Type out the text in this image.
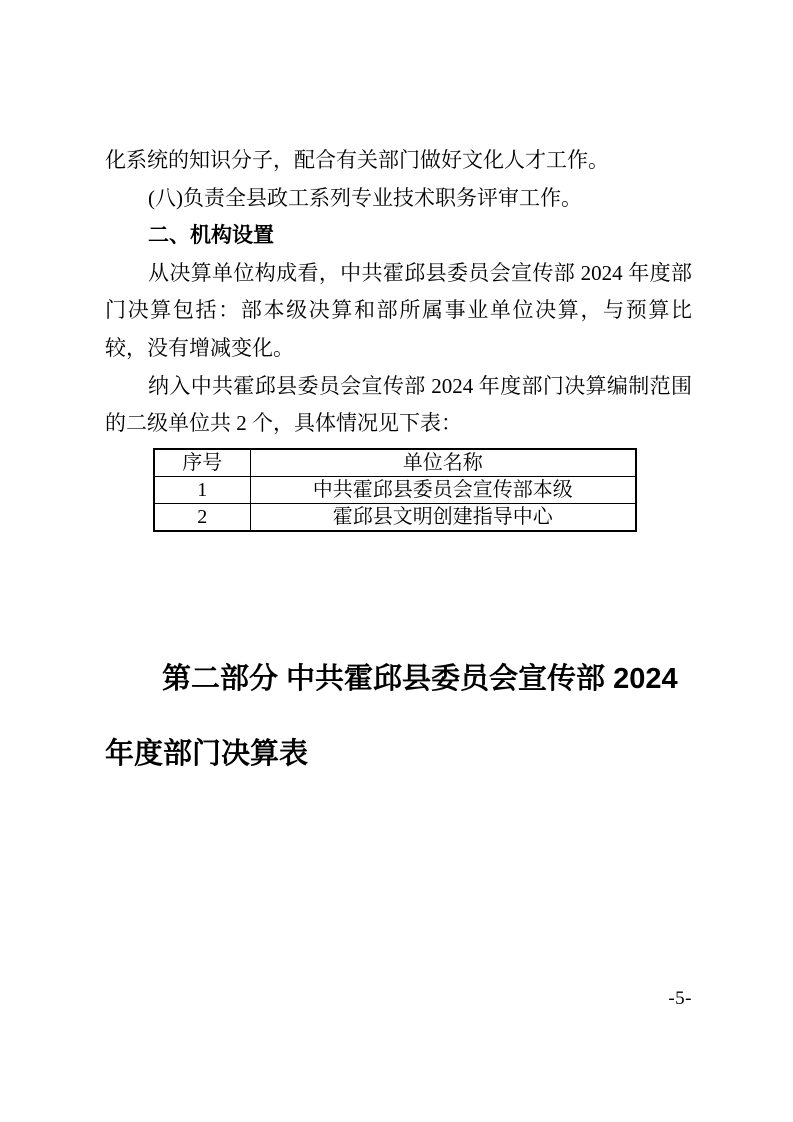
化系统的知识分子，配合有关部门做好文化人才工作。

(八)负责全县政工系列专业技术职务评审工作。

二、机构设置

从决算单位构成看，中共霍邱县委员会宣传部 2024 年度部门决算包括：部本级决算和部所属事业单位决算，与预算比较，没有增减变化。

纳入中共霍邱县委员会宣传部 2024 年度部门决算编制范围的二级单位共 2 个，具体情况见下表：

序号	单位名称
1	中共霍邱县委员会宣传部本级
2	霍邱县文明创建指导中心
第二部分 中共霍邱县委员会宣传部 2024 年度部门决算表
-5-
